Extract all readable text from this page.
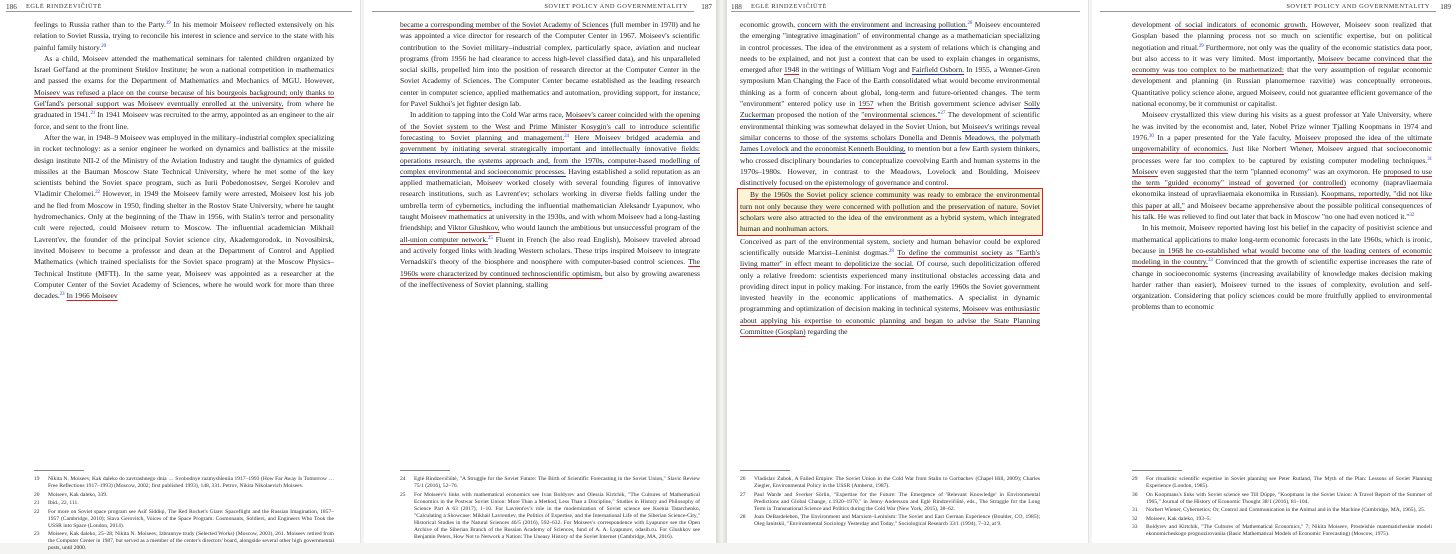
186 EGLĖ RINDZEVIČIŪTĖ

feelings to Russia rather than to the Party.$^{19}$ In his memoir Moiseev reflected extensively on his relation to Soviet Russia, trying to reconcile his interest in science and service to the state with his painful family history.$^{20}$

As a child, Moiseev attended the mathematical seminars for talented children organized by Israel Gel'fand at the prominent Steklov Institute; he won a national competition in mathematics and passed the exams for the Department of Mathematics and Mechanics of MGU. However, Moiseev was refused a place on the course because of his bourgeois background; only thanks to Gel'fand's personal support was Moiseev eventually enrolled at the university, from where he graduated in 1941.21 In 1941 Moiseev was recruited to the army, appointed as an engineer to the air force, and sent to the front line.

After the war, in 1948–9 Moiseev was employed in the military–industrial complex specializing in rocket technology: as a senior engineer he worked on dynamics and ballistics at the missile design institute NII-2 of the Ministry of the Aviation Industry and taught the dynamics of guided missiles at the Bauman Moscow State Technical University, where he met some of the key scientists behind the Soviet space program, such as Iurii Pobedonostsev, Sergei Korolev and Vladimir Chelomei.$^{22}$ However, in 1949 the Moiseev family were arrested, Moiseev lost his job and he fled from Moscow in 1950, finding shelter in the Rostov State University, where he taught hydromechanics. Only at the beginning of the Thaw in 1956, with Stalin's terror and personality cult were rejected, could Moiseev return to Moscow. The influential academician Mikhail Lavrent'ev, the founder of the principal Soviet science city, Akademgorodok, in Novosibirsk, invited Moiseev to become a professor and dean at the Department of Control and Applied Mathematics (which trained specialists for the Soviet space program) at the Moscow Physics–Technical Institute (MFTI). In the same year, Moiseev was appointed as a researcher at the Computer Center of the Soviet Academy of Sciences, where he would work for more than three decades.$^{23}$ In 1966 Moiseev

19 Nikita N. Moiseev, Kak daleko do zavtrashnego dnia … Svobodnye razmyshleniia 1917–1993 (How Far Away Is Tomorrow … Free Reflections 1917–1993) (Moscow, 2002; first published 1993), 148, 331. Petrov, Nikita Nikolaevich Moiseev.
20 Moiseev, Kak daleko, 339.
21 Ibid., 22, 111.
22 For more on Soviet space program see Asif Siddiqi, The Red Rocket's Glare: Spaceflight and the Russian Imagination, 1857–1957 (Cambridge, 2010); Slava Gerovitch, Voices of the Space Program: Cosmonauts, Soldiers, and Engineers Who Took the USSR into Space (London, 2014).
23 Moiseev, Kak daleko, 25–28; Nikita N. Moiseev, Izbrannye trudy (Selected Works) (Moscow, 2003), 261. Moiseev retired from the Computer Center in 1987, but served as a member of the center's directors' board, alongside several other high governmental posts, until 2000.
SOVIET POLICY AND GOVERNMENTALITY 187

became a corresponding member of the Soviet Academy of Sciences (full member in 1970) and he was appointed a vice director for research of the Computer Center in 1967. Moiseev's scientific contribution to the Soviet military–industrial complex, particularly space, aviation and nuclear programs (from 1956 he had clearance to access high-level classified data), and his unparalleled social skills, propelled him into the position of research director at the Computer Center in the Soviet Academy of Sciences. The Computer Center became established as the leading research center in computer science, applied mathematics and automation, providing support, for instance, for Pavel Sukhoi's jet fighter design lab.

In addition to tapping into the Cold War arms race, Moiseev's career coincided with the opening of the Soviet system to the West and Prime Minister Kosygin's call to introduce scientific forecasting to Soviet planning and management.$^{24}$ Here Moiseev bridged academia and government by initiating several strategically important and intellectually innovative fields: operations research, the systems approach and, from the 1970s, computer-based modelling of complex environmental and socioeconomic processes. Having established a solid reputation as an applied mathematician, Moiseev worked closely with several founding figures of innovative research institutions, such as Lavrent'ev; scholars working in diverse fields falling under the umbrella term of cybernetics, including the influential mathematician Aleksandr Lyapunov, who taught Moiseev mathematics at university in the 1930s, and with whom Moiseev had a long-lasting friendship; and Viktor Glushkov, who would launch the ambitious but unsuccessful program of the all-union computer network.$^{25}$ Fluent in French (he also read English), Moiseev traveled abroad and actively forged links with leading Western scholars. These trips inspired Moiseev to integrate Vernadskii's theory of the biosphere and noosphere with computer-based control sciences. The 1960s were characterized by continued technoscientific optimism, but also by growing awareness of the ineffectiveness of Soviet planning, stalling

24 Eglė Rindzevičiūtė, "A Struggle for the Soviet Future: The Birth of Scientific Forecasting in the Soviet Union," Slavic Review 75/1 (2016), 52–76.
25 For Moiseev's links with mathematical economics see Ivan Boldyrev and Olessia Kirtchik, "The Cultures of Mathematical Economics in the Postwar Soviet Union: More Than a Method, Less Than a Discipline," Studies in History and Philosophy of Science Part A 63 (2017), 1–10. For Lavrent'ev's role in the modernization of Soviet science see Ksenia Tatarchenko, "Calculating a Showcase: Mikhail Lavrentiev, the Politics of Expertise, and the International Life of the Siberian Science-City," Historical Studies in the Natural Sciences 46/5 (2016), 592–632. For Moiseev's correspondence with Lyapunov see the Open Archive of the Siberian Branch of the Russian Academy of Sciences, fund of A. A. Lyapunov, odasib.ru. For Glushkov see Benjamin Peters, How Not to Network a Nation: The Uneasy History of the Soviet Internet (Cambridge, MA, 2016).
188 EGLĖ RINDZEVIČIŪTĖ

economic growth, concern with the environment and increasing pollution.$^{26}$ Moiseev encountered the emerging "integrative imagination" of environmental change as a mathematician specializing in control processes. The idea of the environment as a system of relations which is changing and needs to be explained, and not just a context that can be used to explain changes in organisms, emerged after 1948 in the writings of William Vogt and Fairfield Osborn. In 1955, a Wenner-Gren symposium Man Changing the Face of the Earth consolidated what would become environmental thinking as a form of concern about global, long-term and future-oriented changes. The term "environment" entered policy use in 1957 when the British government science adviser Solly Zuckerman proposed the notion of the "environmental sciences."$^{27}$ The development of scientific environmental thinking was somewhat delayed in the Soviet Union, but Moiseev's writings reveal similar concerns to those of the systems scholars Donella and Dennis Meadows, the polymath James Lovelock and the economist Kenneth Boulding, to mention but a few Earth system thinkers, who crossed disciplinary boundaries to conceptualize coevolving Earth and human systems in the 1970s–1980s. However, in contrast to the Meadows, Lovelock and Boulding, Moiseev distinctively focused on the epistemology of governance and control.

By the 1960s the Soviet policy science community was ready to embrace the environmental turn not only because they were concerned with pollution and the preservation of nature. Soviet scholars were also attracted to the idea of the environment as a hybrid system, which integrated human and nonhuman actors.

Conceived as part of the environmental system, society and human behavior could be explored scientifically outside Marxist–Leninist dogmas.$^{28}$ To define the communist society as "Earth's living matter" in effect meant to depoliticize the social. Of course, such depoliticization offered only a relative freedom: scientists experienced many institutional obstacles accessing data and providing direct input in policy making. For instance, from the early 1960s the Soviet government invested heavily in the economic applications of mathematics. A specialist in dynamic programming and optimization of decision making in technical systems, Moiseev was enthusiastic about applying his expertise to economic planning and began to advise the State Planning Committee (Gosplan) regarding the

26 Vladislav Zubok, A Failed Empire: The Soviet Union in the Cold War from Stalin to Gorbachev (Chapel Hill, 2009); Charles Ziegler, Environmental Policy in the USSR (Amherst, 1987).
27 Paul Warde and Sverker Sörlin, "Expertise for the Future: The Emergence of 'Relevant Knowledge' in Environmental Predictions and Global Change, c.1920–1970," in Jenny Andersson and Eglė Rindzevičiūtė, eds., The Struggle for the Long Term in Transnational Science and Politics during the Cold War (New York, 2015), 38–62.
28 Joan DeBardeleben, The Environment and Marxism–Leninism: The Soviet and East German Experience (Boulder, CO, 1985); Oleg Ianitskii, "Environmental Sociology Yesterday and Today," Sociological Research 33/1 (1994), 7–32, at 9.
SOVIET POLICY AND GOVERNMENTALITY 189

development of social indicators of economic growth. However, Moiseev soon realized that Gosplan based the planning process not so much on scientific expertise, but on political negotiation and ritual.$^{29}$ Furthermore, not only was the quality of the economic statistics data poor, but also access to it was very limited. Most importantly, Moiseev became convinced that the economy was too complex to be mathematized: that the very assumption of regular economic development and planning (in Russian planomernoe razvitie) was conceptually erroneous. Quantitative policy science alone, argued Moiseev, could not guarantee efficient governance of the national economy, be it communist or capitalist.

Moiseev crystallized this view during his visits as a guest professor at Yale University, where he was invited by the economist and, later, Nobel Prize winner Tjalling Koopmans in 1974 and 1976.30 In a paper presented for the Yale faculty, Moiseev proposed the idea of the ultimate ungovernability of economics. Just like Norbert Wiener, Moiseev argued that socioeconomic processes were far too complex to be captured by existing computer modeling techniques.$^{31}$ Moiseev even suggested that the term "planned economy" was an oxymoron. He proposed to use the term "guided economy" instead of governed (or controlled) economy (napravliaemaia ekonomika instead of upravliaemaia ekonomika in Russian). Koopmans, reportedly, "did not like this paper at all," and Moiseev became apprehensive about the possible political consequences of his talk. He was relieved to find out later that back in Moscow "no one had even noticed it."$^{32}$

In his memoir, Moiseev reported having lost his belief in the capacity of positivist science and mathematical applications to make long-term economic forecasts in the late 1960s, which is ironic, because in 1968 he co-established what would become one of the leading centers of economic modeling in the country.$^{33}$ Convinced that the growth of scientific expertise increases the rate of change in socioeconomic systems (increasing availability of knowledge makes decision making harder rather than easier), Moiseev turned to the issues of complexity, evolution and self-organization. Considering that policy sciences could be more fruitfully applied to environmental problems than to economic

29 For ritualistic scientific expertise in Soviet planning see Peter Rutland, The Myth of the Plan: Lessons of Soviet Planning Experience (London, 1985).
30 On Koopmans's links with Soviet science see Till Düppe, "Koopmans in the Soviet Union: A Travel Report of the Summer of 1965," Journal of the History of Economic Thought 38/1 (2016), 81–104.
31 Norbert Wiener, Cybernetics; Or, Control and Communication in the Animal and in the Machine (Cambridge, MA, 1965), 25.
32 Moiseev, Kak daleko, 193–5.
33 Boldyrev and Kirtchik, "The Cultures of Mathematical Economics," 7; Nikita Moiseev, Prosteishie matematicheskie modeli ekonomicheskogo prognozirovaniia (Basic Mathematical Models of Economic Forecasting) (Moscow, 1975).
